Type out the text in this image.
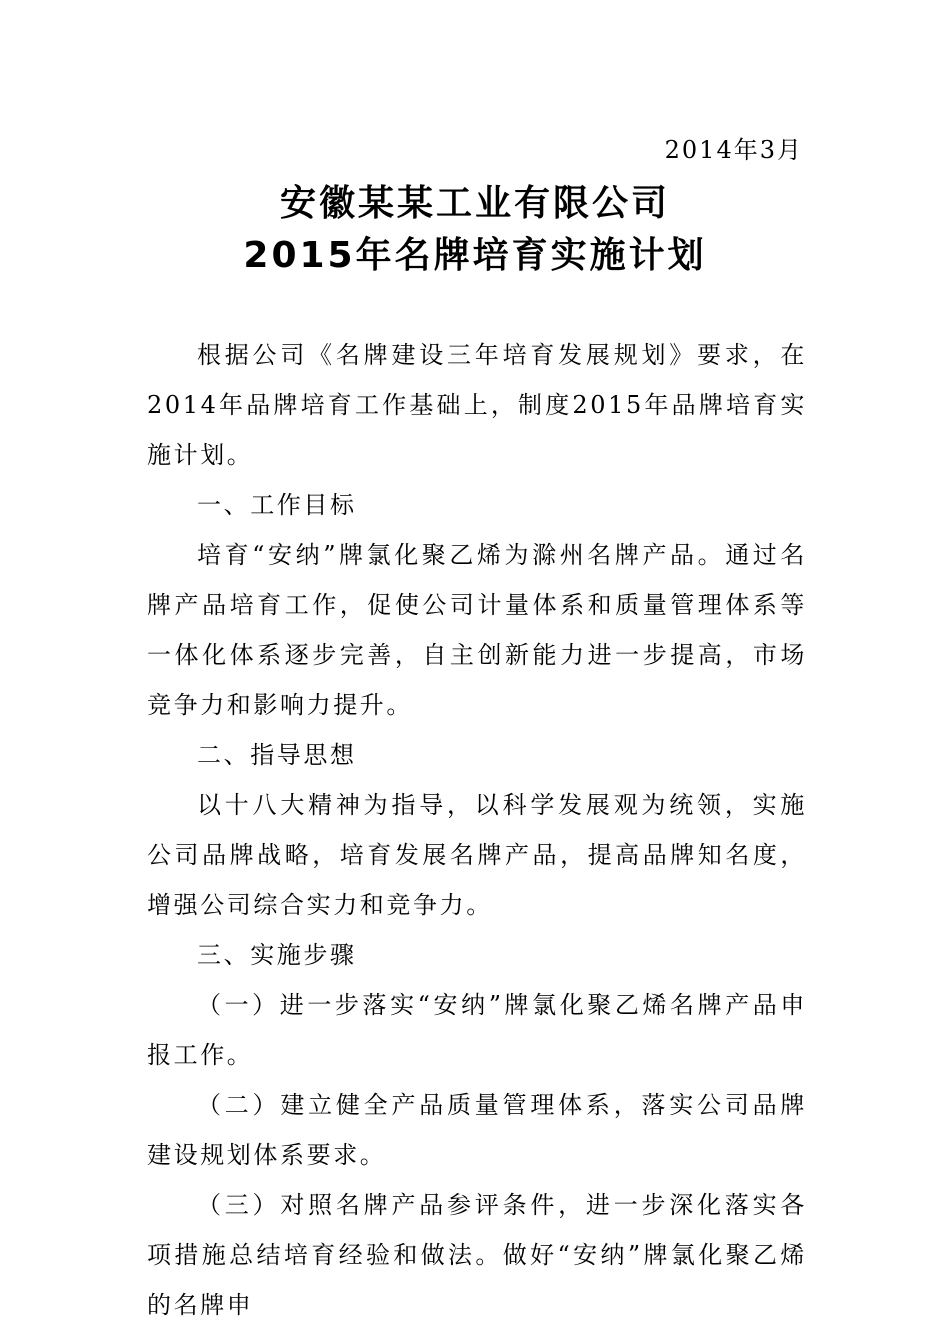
2014年3月
安徽某某工业有限公司
2015年名牌培育实施计划

根据公司《名牌建设三年培育发展规划》要求，在2014年品牌培育工作基础上，制度2015年品牌培育实施计划。

一、工作目标

培育“安纳”牌氯化聚乙烯为滁州名牌产品。通过名牌产品培育工作，促使公司计量体系和质量管理体系等一体化体系逐步完善，自主创新能力进一步提高，市场竞争力和影响力提升。

二、指导思想

以十八大精神为指导，以科学发展观为统领，实施公司品牌战略，培育发展名牌产品，提高品牌知名度，增强公司综合实力和竞争力。

三、实施步骤

（一）进一步落实“安纳”牌氯化聚乙烯名牌产品申报工作。

（二）建立健全产品质量管理体系，落实公司品牌建设规划体系要求。

（三）对照名牌产品参评条件，进一步深化落实各项措施总结培育经验和做法。做好“安纳”牌氯化聚乙烯的名牌申
